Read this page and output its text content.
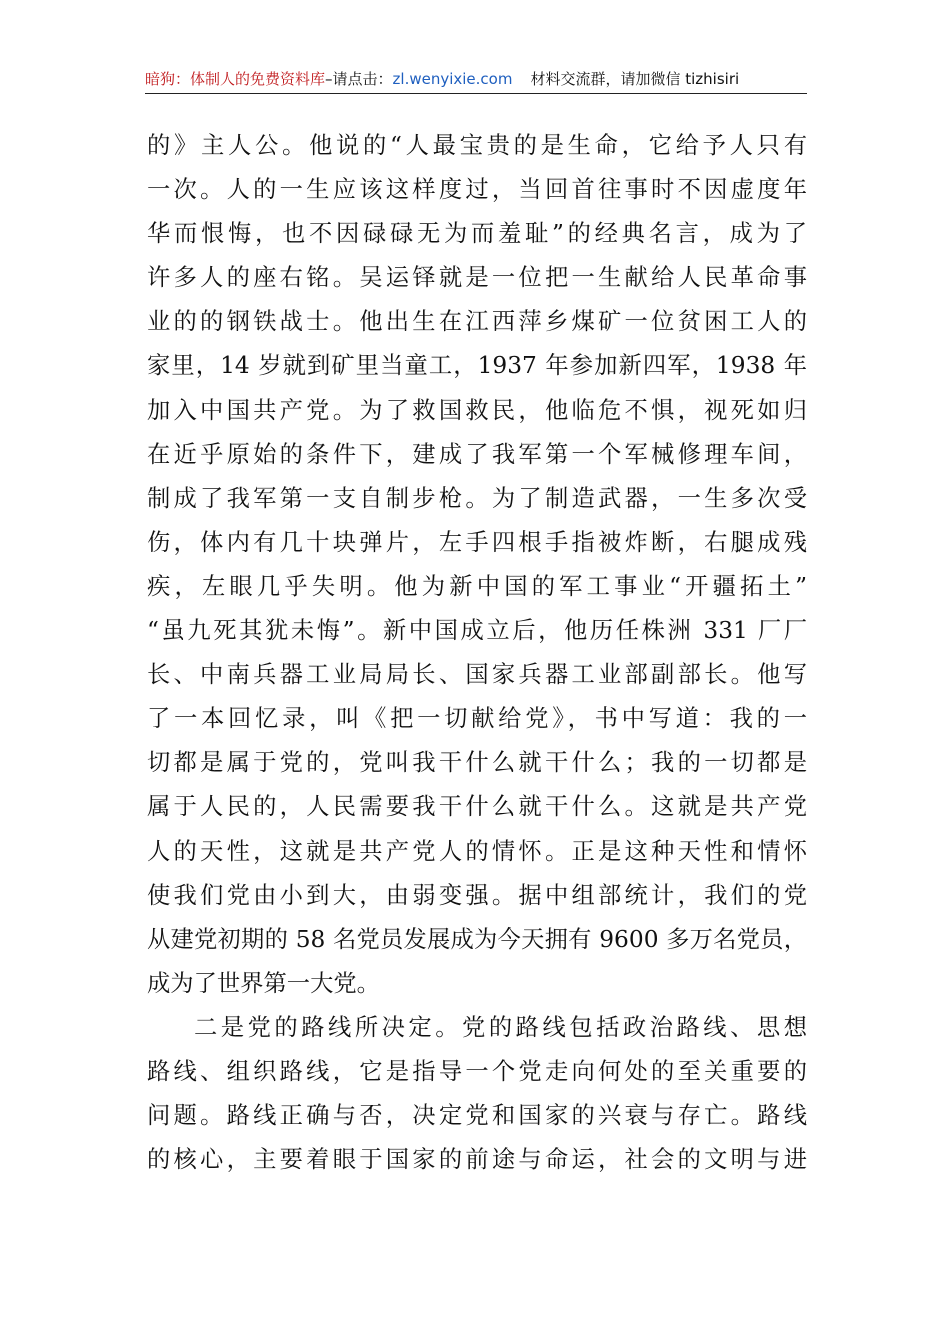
暗狗：体制人的免费资料库–请点击：zl.wenyixie.com 材料交流群，请加微信 tizhisiri
的》主人公。他说的“人最宝贵的是生命，它给予人只有
一次。人的一生应该这样度过，当回首往事时不因虚度年
华而恨悔，也不因碌碌无为而羞耻”的经典名言，成为了
许多人的座右铭。吴运铎就是一位把一生献给人民革命事
业的的钢铁战士。他出生在江西萍乡煤矿一位贫困工人的
家里，14 岁就到矿里当童工，1937 年参加新四军，1938 年
加入中国共产党。为了救国救民，他临危不惧，视死如归
在近乎原始的条件下，建成了我军第一个军械修理车间，
制成了我军第一支自制步枪。为了制造武器，一生多次受
伤，体内有几十块弹片，左手四根手指被炸断，右腿成残
疾，左眼几乎失明。他为新中国的军工事业“开疆拓土”
“虽九死其犹未悔”。新中国成立后，他历任株洲 331 厂厂
长、中南兵器工业局局长、国家兵器工业部副部长。他写
了一本回忆录，叫《把一切献给党》，书中写道：我的一
切都是属于党的，党叫我干什么就干什么；我的一切都是
属于人民的，人民需要我干什么就干什么。这就是共产党
人的天性，这就是共产党人的情怀。正是这种天性和情怀
使我们党由小到大，由弱变强。据中组部统计，我们的党
从建党初期的 58 名党员发展成为今天拥有 9600 多万名党员，
成为了世界第一大党。
二是党的路线所决定。党的路线包括政治路线、思想
路线、组织路线，它是指导一个党走向何处的至关重要的
问题。路线正确与否，决定党和国家的兴衰与存亡。路线
的核心，主要着眼于国家的前途与命运，社会的文明与进
